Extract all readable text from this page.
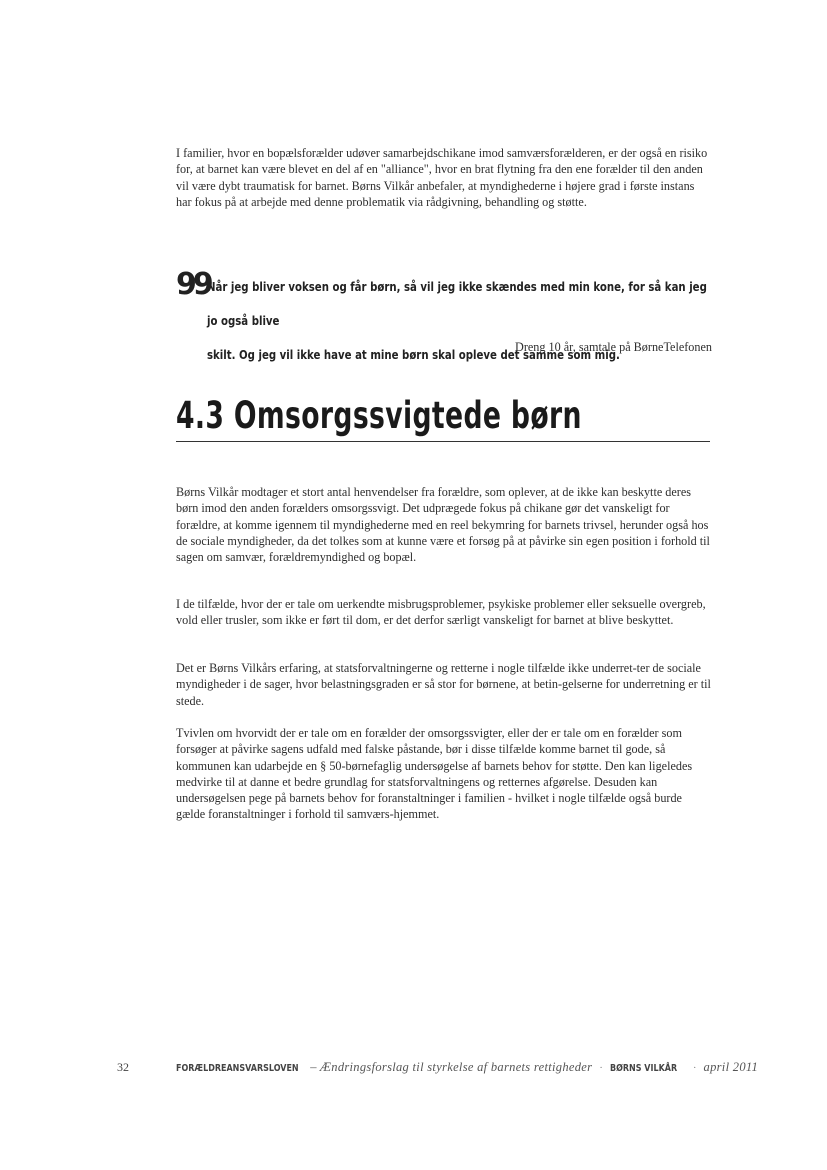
I familier, hvor en bopælsforælder udøver samarbejdschikane imod samværsforælderen, er der også en risiko for, at barnet kan være blevet en del af en "alliance", hvor en brat flytning fra den ene forælder til den anden vil være dybt traumatisk for barnet. Børns Vilkår anbefaler, at myndighederne i højere grad i første instans har fokus på at arbejde med denne problematik via rådgivning, behandling og støtte.

99
Når jeg bliver voksen og får børn, så vil jeg ikke skændes med min kone, for så kan jeg jo også blive
skilt. Og jeg vil ikke have at mine børn skal opleve det samme som mig.
Dreng 10 år, samtale på BørneTelefonen
4.3 Omsorgssvigtede børn

Børns Vilkår modtager et stort antal henvendelser fra forældre, som oplever, at de ikke kan beskytte deres børn imod den anden forælders omsorgssvigt. Det udprægede fokus på chikane gør det vanskeligt for forældre, at komme igennem til myndighederne med en reel bekymring for barnets trivsel, herunder også hos de sociale myndigheder, da det tolkes som at kunne være et forsøg på at påvirke sin egen position i forhold til sagen om samvær, forældremyndighed og bopæl.

I de tilfælde, hvor der er tale om uerkendte misbrugsproblemer, psykiske problemer eller seksuelle overgreb, vold eller trusler, som ikke er ført til dom, er det derfor særligt vanskeligt for barnet at blive beskyttet.

Det er Børns Vilkårs erfaring, at statsforvaltningerne og retterne i nogle tilfælde ikke underret-ter de sociale myndigheder i de sager, hvor belastningsgraden er så stor for børnene, at betin-gelserne for underretning er til stede.

Tvivlen om hvorvidt der er tale om en forælder der omsorgssvigter, eller der er tale om en forælder som forsøger at påvirke sagens udfald med falske påstande, bør i disse tilfælde komme barnet til gode, så kommunen kan udarbejde en § 50-børnefaglig undersøgelse af barnets behov for støtte. Den kan ligeledes medvirke til at danne et bedre grundlag for statsforvaltningens og retternes afgørelse. Desuden kan undersøgelsen pege på barnets behov for foranstaltninger i familien - hvilket i nogle tilfælde også burde gælde foranstaltninger i forhold til samværs-hjemmet.

32	FORÆLDREANSVARSLOVEN – Ændringsforslag til styrkelse af barnets rettigheder · BØRNS VILKÅR · april 2011
